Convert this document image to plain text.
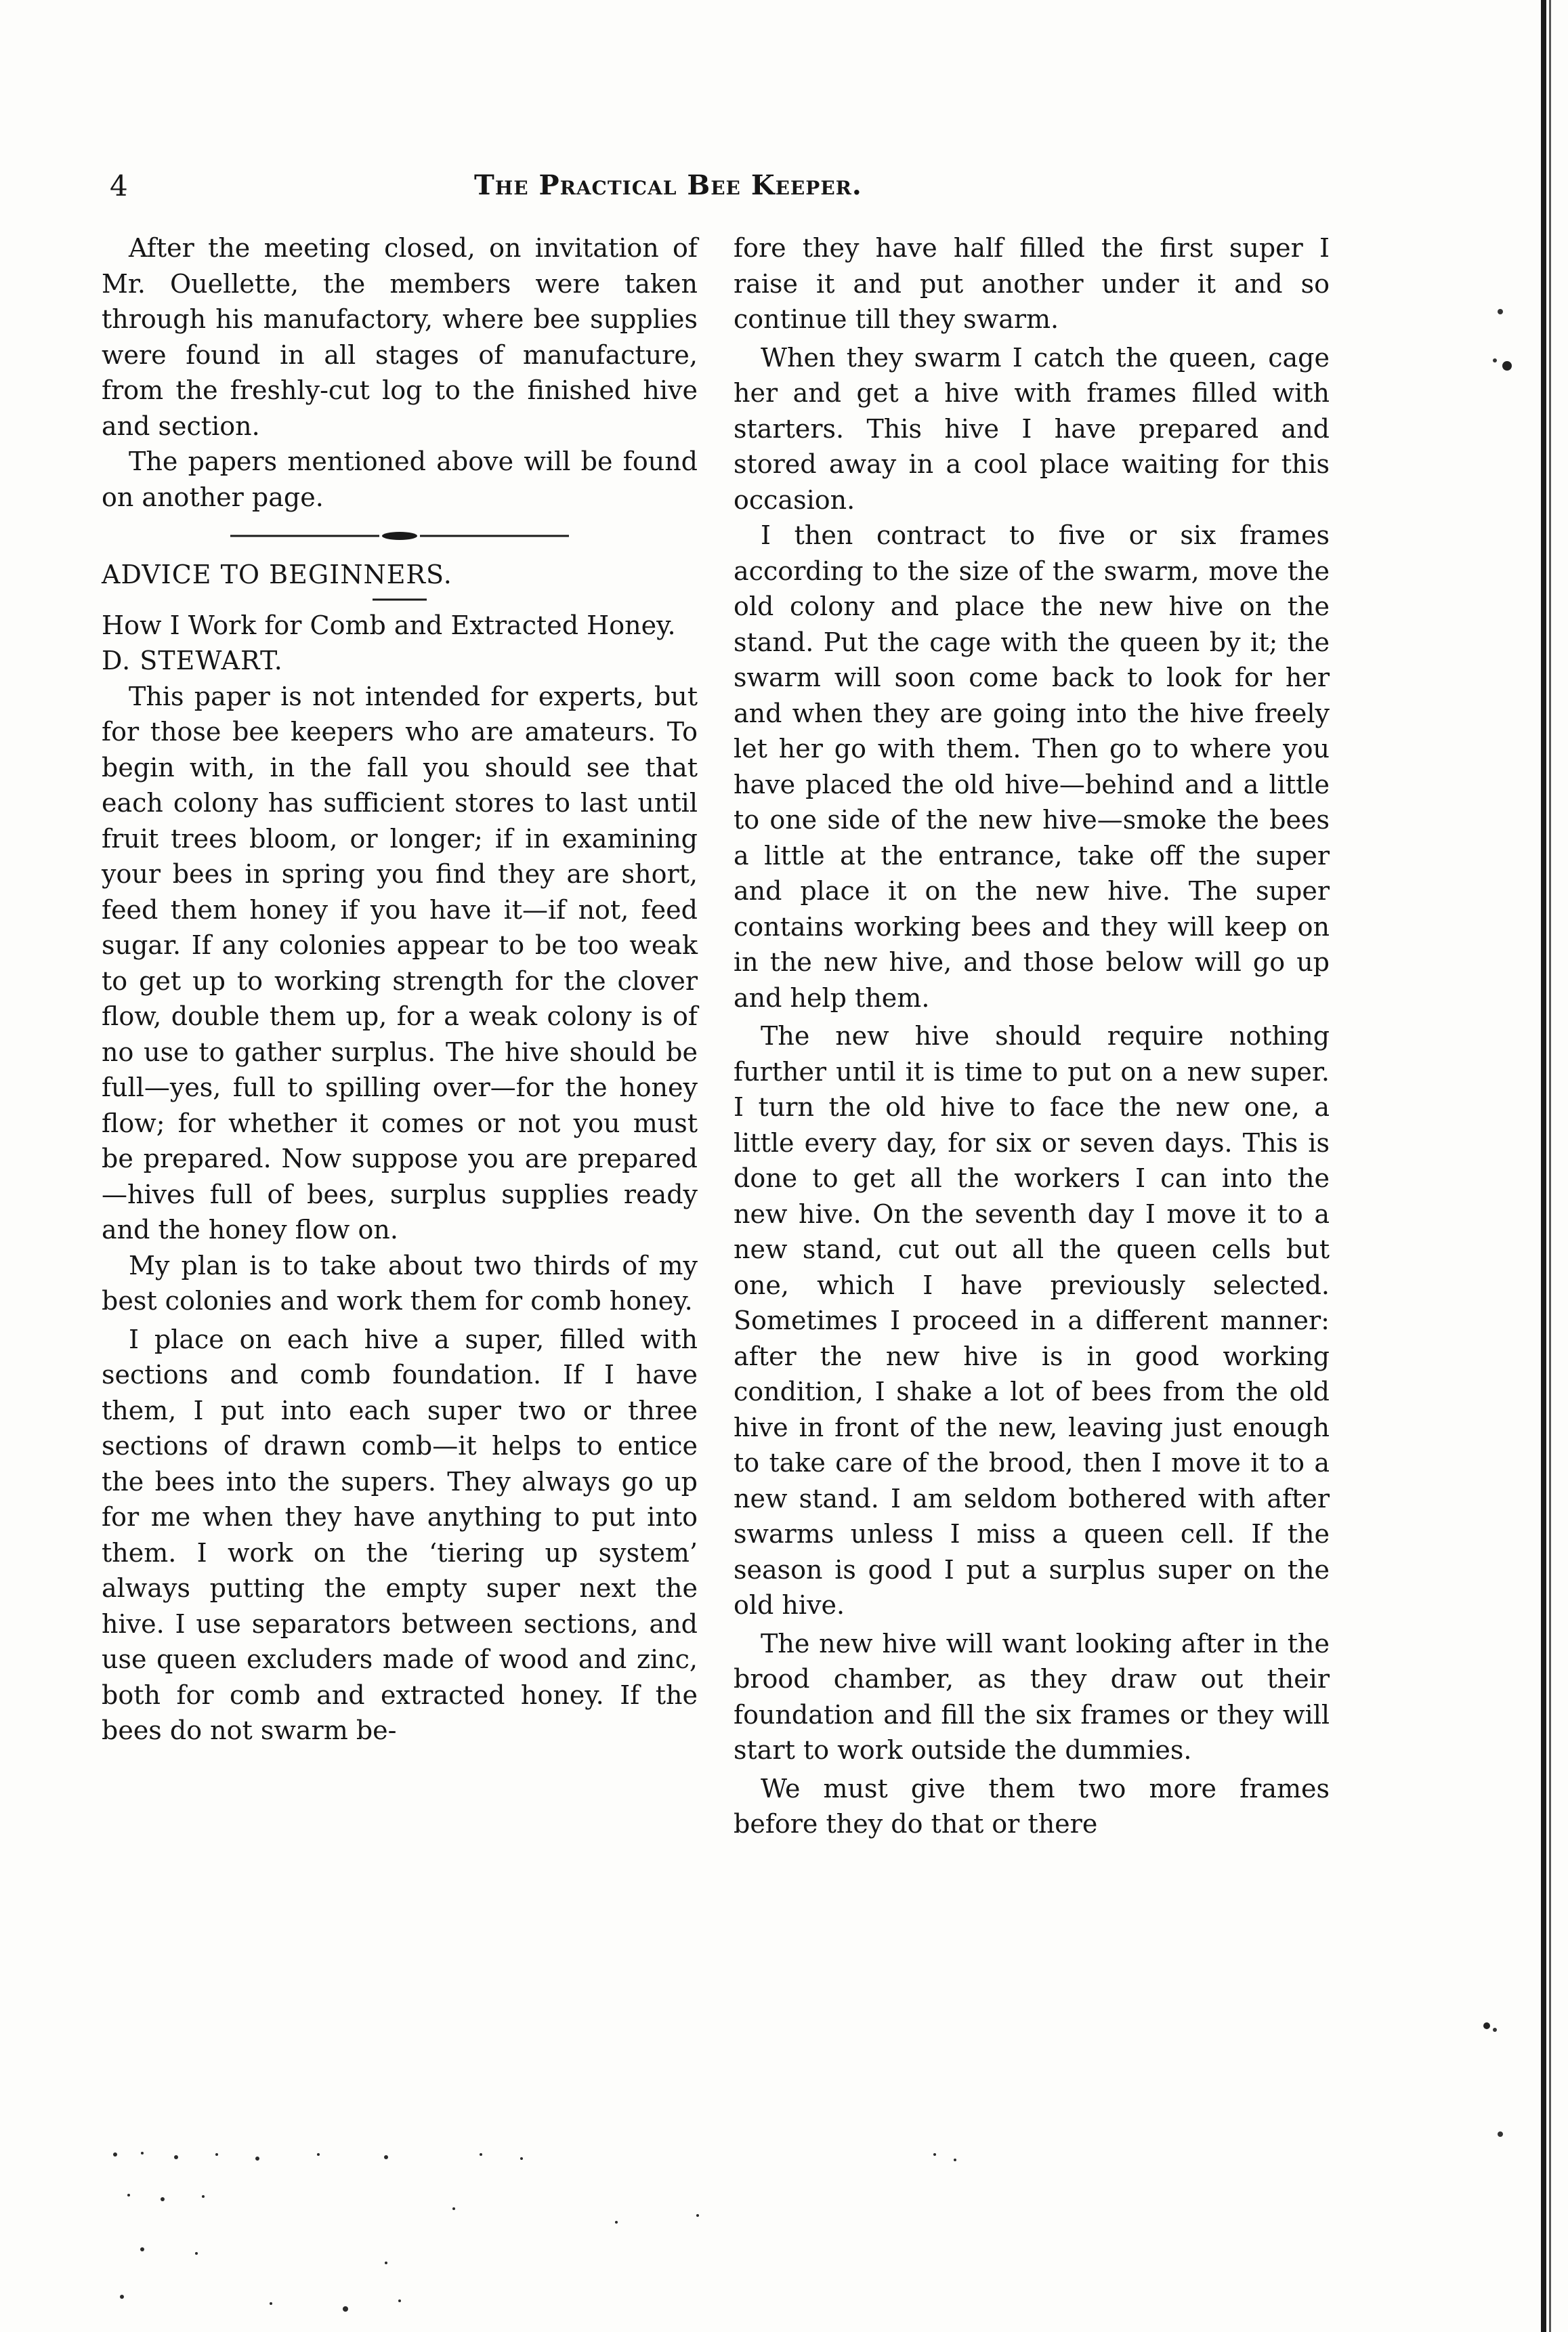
4	The Practical Bee Keeper.

After the meeting closed, on invitation of Mr. Ouellette, the members were taken through his manufactory, where bee supplies were found in all stages of manufacture, from the freshly-cut log to the finished hive and section.

The papers mentioned above will be found on another page.

ADVICE TO BEGINNERS.

How I Work for Comb and Extracted Honey.

D. STEWART.

This paper is not intended for experts, but for those bee keepers who are amateurs. To begin with, in the fall you should see that each colony has sufficient stores to last until fruit trees bloom, or longer; if in examining your bees in spring you find they are short, feed them honey if you have it—if not, feed sugar. If any colonies appear to be too weak to get up to working strength for the clover flow, double them up, for a weak colony is of no use to gather surplus. The hive should be full—yes, full to spilling over—for the honey flow; for whether it comes or not you must be prepared. Now suppose you are prepared—hives full of bees, surplus supplies ready and the honey flow on.

My plan is to take about two thirds of my best colonies and work them for comb honey.

I place on each hive a super, filled with sections and comb foundation. If I have them, I put into each super two or three sections of drawn comb—it helps to entice the bees into the supers. They always go up for me when they have anything to put into them. I work on the ‘tiering up system’ always putting the empty super next the hive. I use separators between sections, and use queen excluders made of wood and zinc, both for comb and extracted honey. If the bees do not swarm be-

fore they have half filled the first super I raise it and put another under it and so continue till they swarm.

When they swarm I catch the queen, cage her and get a hive with frames filled with starters. This hive I have prepared and stored away in a cool place waiting for this occasion.

I then contract to five or six frames according to the size of the swarm, move the old colony and place the new hive on the stand. Put the cage with the queen by it; the swarm will soon come back to look for her and when they are going into the hive freely let her go with them. Then go to where you have placed the old hive—behind and a little to one side of the new hive—smoke the bees a little at the entrance, take off the super and place it on the new hive. The super contains working bees and they will keep on in the new hive, and those below will go up and help them.

The new hive should require nothing further until it is time to put on a new super. I turn the old hive to face the new one, a little every day, for six or seven days. This is done to get all the workers I can into the new hive. On the seventh day I move it to a new stand, cut out all the queen cells but one, which I have previously selected. Sometimes I proceed in a different manner: after the new hive is in good working condition, I shake a lot of bees from the old hive in front of the new, leaving just enough to take care of the brood, then I move it to a new stand. I am seldom bothered with after swarms unless I miss a queen cell. If the season is good I put a surplus super on the old hive.

The new hive will want looking after in the brood chamber, as they draw out their foundation and fill the six frames or they will start to work outside the dummies.

We must give them two more frames before they do that or there
